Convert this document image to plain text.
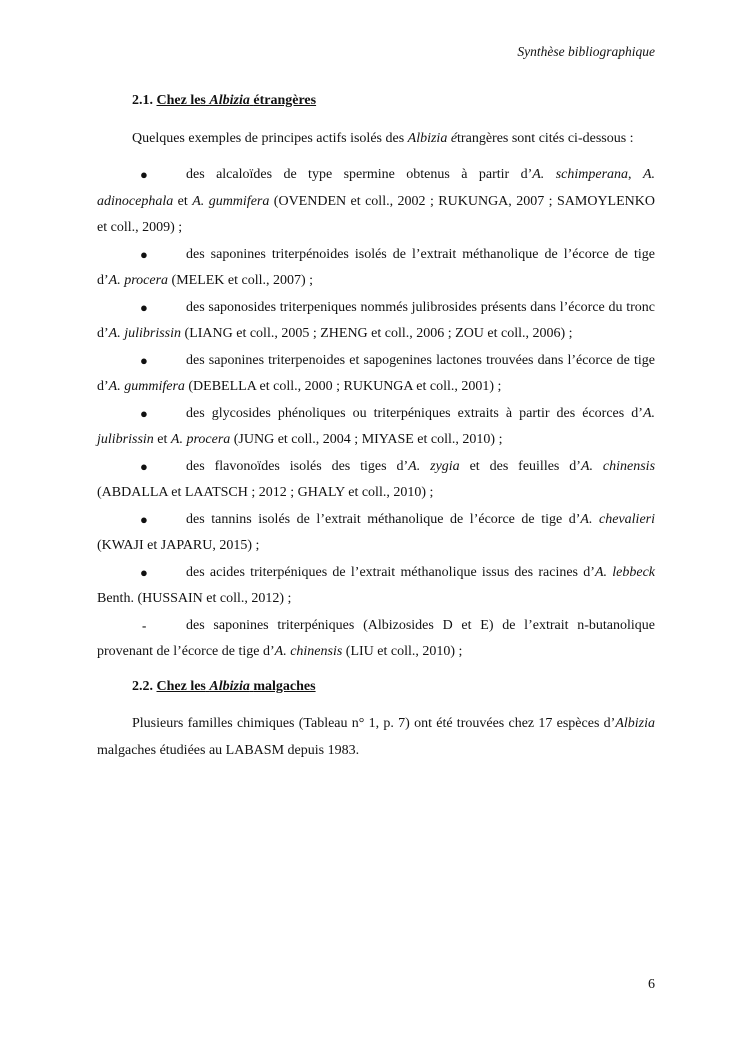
Synthèse bibliographique
2.1. Chez les Albizia étrangères

Quelques exemples de principes actifs isolés des Albizia étrangères sont cités ci-dessous :

●	des alcaloïdes de type spermine obtenus à partir d’A. schimperana, A. adinocephala et A. gummifera (OVENDEN et coll., 2002 ; RUKUNGA, 2007 ; SAMOYLENKO et coll., 2009) ;

●	des saponines triterpénoides isolés de l’extrait méthanolique de l’écorce de tige d’A. procera (MELEK et coll., 2007) ;

●	des saponosides triterpeniques nommés julibrosides présents dans l’écorce du tronc d’A. julibrissin (LIANG et coll., 2005 ; ZHENG et coll., 2006 ; ZOU et coll., 2006) ;

●	des saponines triterpenoides et sapogenines lactones trouvées dans l’écorce de tige d’A. gummifera (DEBELLA et coll., 2000 ; RUKUNGA et coll., 2001) ;

●	des glycosides phénoliques ou triterpéniques extraits à partir des écorces d’A. julibrissin et A. procera (JUNG et coll., 2004 ; MIYASE et coll., 2010) ;

●	des flavonoïdes isolés des tiges d’A. zygia et des feuilles d’A. chinensis (ABDALLA et LAATSCH ; 2012 ; GHALY et coll., 2010) ;

●	des tannins isolés de l’extrait méthanolique de l’écorce de tige d’A. chevalieri (KWAJI et JAPARU, 2015) ;

●	des acides triterpéniques de l’extrait méthanolique issus des racines d’A. lebbeck Benth. (HUSSAIN et coll., 2012) ;

-	des saponines triterpéniques (Albizosides D et E) de l’extrait n-butanolique provenant de l’écorce de tige d’A. chinensis (LIU et coll., 2010) ;

2.2. Chez les Albizia malgaches

Plusieurs familles chimiques (Tableau n° 1, p. 7) ont été trouvées chez 17 espèces d’Albizia malgaches étudiées au LABASM depuis 1983.

6
